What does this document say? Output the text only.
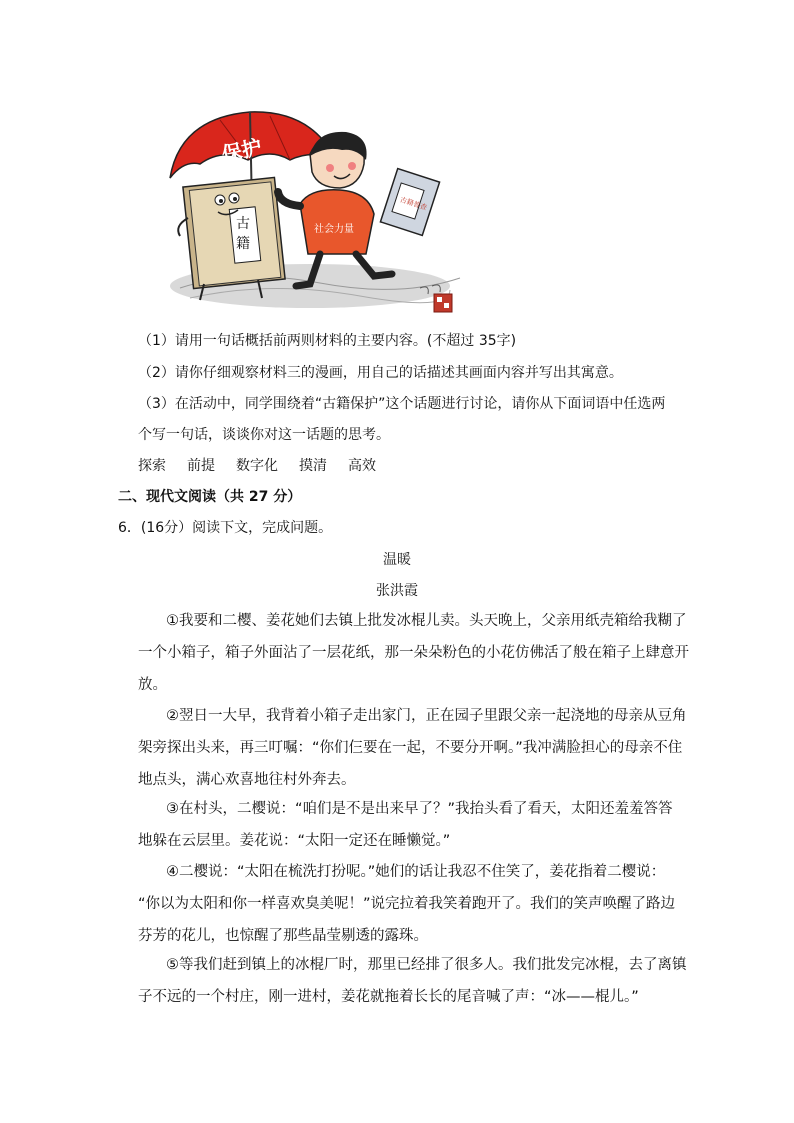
保护
古
籍
社会力量
古籍普查
（1）请用一句话概括前两则材料的主要内容。(不超过 35字)
（2）请你仔细观察材料三的漫画，用自己的话描述其画面内容并写出其寓意。
（3）在活动中，同学围绕着“古籍保护”这个话题进行讨论，请你从下面词语中任选两
个写一句话，谈谈你对这一话题的思考。
探索 前提 数字化 摸清 高效
二、现代文阅读（共 27 分）
6．(16分）阅读下文，完成问题。
温暖
张洪霞
①我要和二樱、姜花她们去镇上批发冰棍儿卖。头天晚上，父亲用纸壳箱给我糊了
一个小箱子，箱子外面沾了一层花纸，那一朵朵粉色的小花仿佛活了般在箱子上肆意开
放。
②翌日一大早，我背着小箱子走出家门，正在园子里跟父亲一起浇地的母亲从豆角
架旁探出头来，再三叮嘱：“你们仨要在一起，不要分开啊。”我冲满脸担心的母亲不住
地点头，满心欢喜地往村外奔去。
③在村头，二樱说：“咱们是不是出来早了？”我抬头看了看天，太阳还羞羞答答
地躲在云层里。姜花说：“太阳一定还在睡懒觉。”
④二樱说：“太阳在梳洗打扮呢。”她们的话让我忍不住笑了，姜花指着二樱说：
“你以为太阳和你一样喜欢臭美呢！”说完拉着我笑着跑开了。我们的笑声唤醒了路边
芬芳的花儿，也惊醒了那些晶莹剔透的露珠。
⑤等我们赶到镇上的冰棍厂时，那里已经排了很多人。我们批发完冰棍，去了离镇
子不远的一个村庄，刚一进村，姜花就拖着长长的尾音喊了声：“冰——棍儿。”
